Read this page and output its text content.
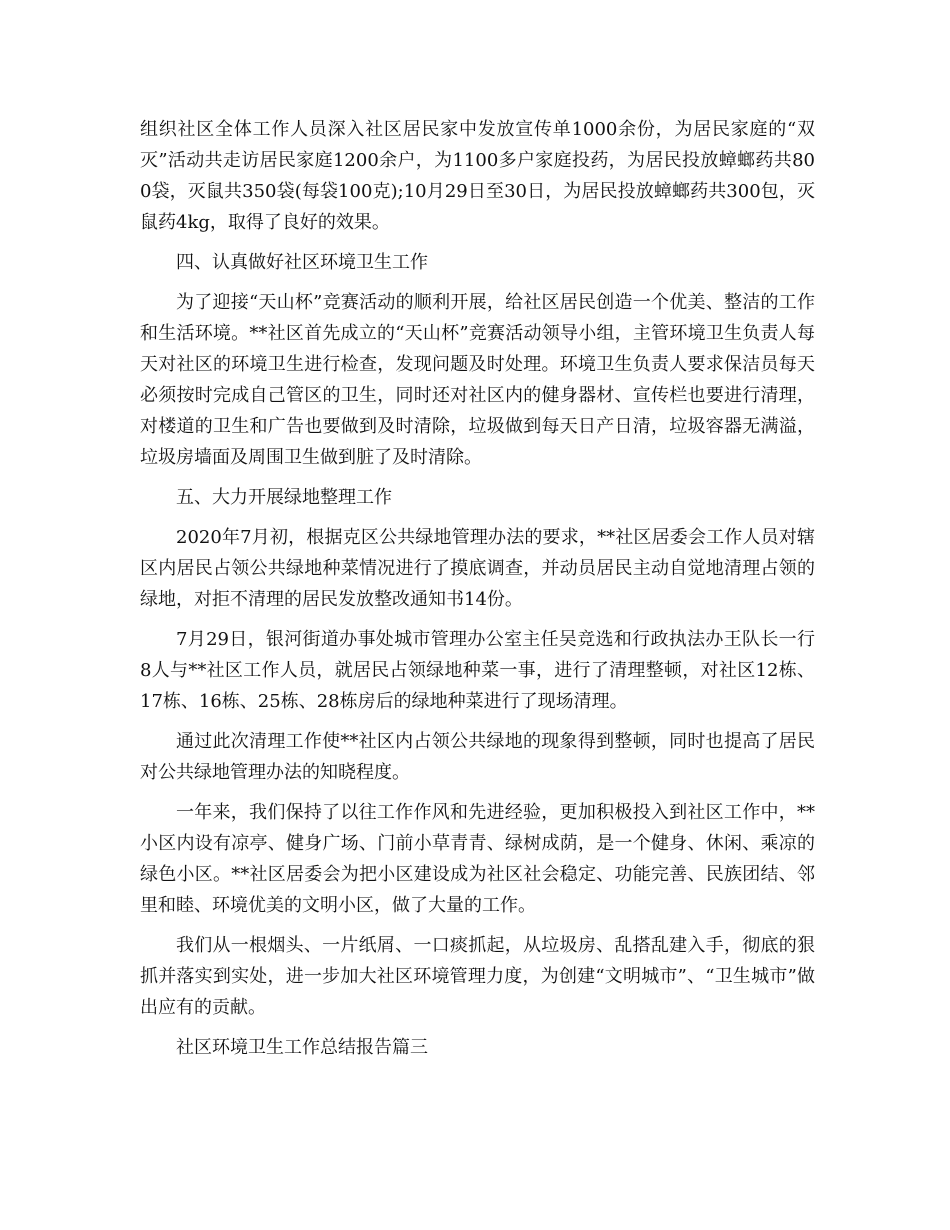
组织社区全体工作人员深入社区居民家中发放宣传单1000余份，为居民家庭的“双灭”活动共走访居民家庭1200余户，为1100多户家庭投药，为居民投放蟑螂药共800袋，灭鼠共350袋(每袋100克);10月29日至30日，为居民投放蟑螂药共300包，灭鼠药4kg，取得了良好的效果。

四、认真做好社区环境卫生工作

为了迎接“天山杯”竞赛活动的顺利开展，给社区居民创造一个优美、整洁的工作和生活环境。**社区首先成立的“天山杯”竞赛活动领导小组，主管环境卫生负责人每天对社区的环境卫生进行检查，发现问题及时处理。环境卫生负责人要求保洁员每天必须按时完成自己管区的卫生，同时还对社区内的健身器材、宣传栏也要进行清理，对楼道的卫生和广告也要做到及时清除，垃圾做到每天日产日清，垃圾容器无满溢，垃圾房墙面及周围卫生做到脏了及时清除。

五、大力开展绿地整理工作

2020年7月初，根据克区公共绿地管理办法的要求，**社区居委会工作人员对辖区内居民占领公共绿地种菜情况进行了摸底调查，并动员居民主动自觉地清理占领的绿地，对拒不清理的居民发放整改通知书14份。

7月29日，银河街道办事处城市管理办公室主任吴竞选和行政执法办王队长一行8人与**社区工作人员，就居民占领绿地种菜一事，进行了清理整顿，对社区12栋、17栋、16栋、25栋、28栋房后的绿地种菜进行了现场清理。

通过此次清理工作使**社区内占领公共绿地的现象得到整顿，同时也提高了居民对公共绿地管理办法的知晓程度。

一年来，我们保持了以往工作作风和先进经验，更加积极投入到社区工作中，**小区内设有凉亭、健身广场、门前小草青青、绿树成荫，是一个健身、休闲、乘凉的绿色小区。**社区居委会为把小区建设成为社区社会稳定、功能完善、民族团结、邻里和睦、环境优美的文明小区，做了大量的工作。

我们从一根烟头、一片纸屑、一口痰抓起，从垃圾房、乱搭乱建入手，彻底的狠抓并落实到实处，进一步加大社区环境管理力度，为创建“文明城市”、“卫生城市”做出应有的贡献。

社区环境卫生工作总结报告篇三
